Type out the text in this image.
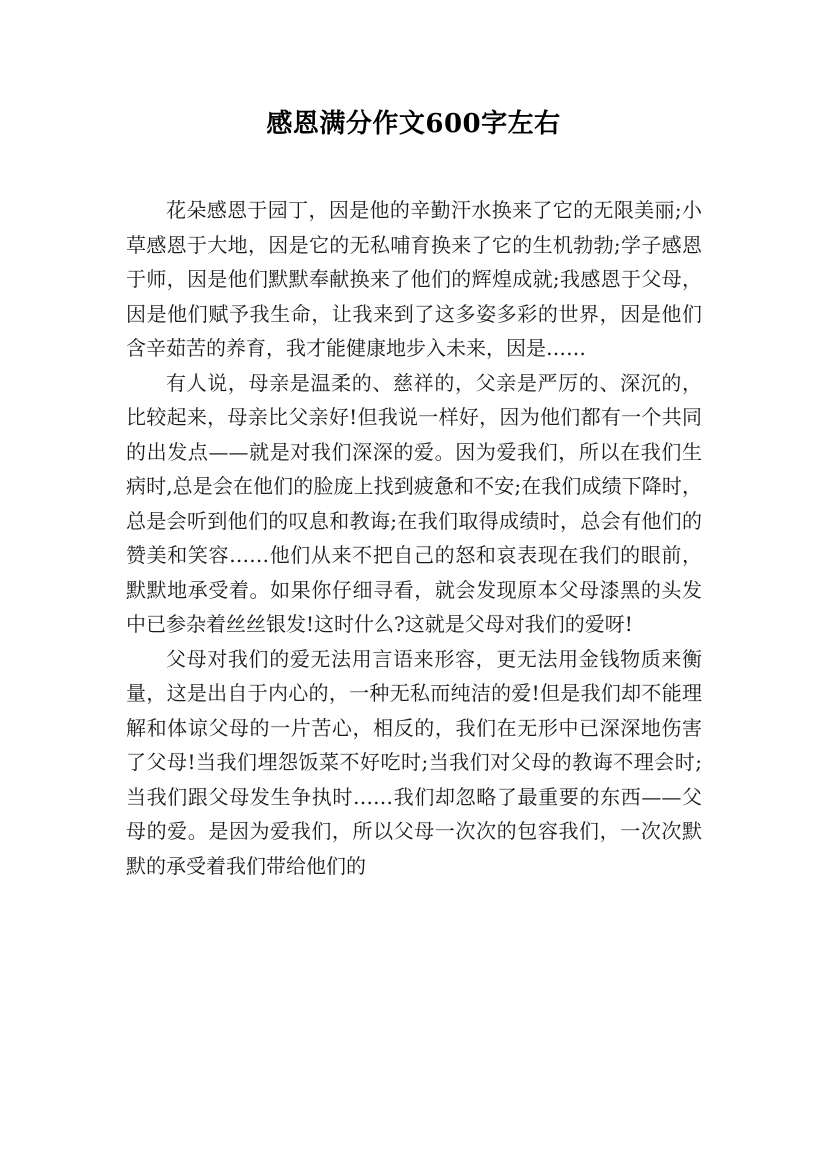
感恩满分作文600字左右

花朵感恩于园丁，因是他的辛勤汗水换来了它的无限美丽;小草感恩于大地，因是它的无私哺育换来了它的生机勃勃;学子感恩于师，因是他们默默奉献换来了他们的辉煌成就;我感恩于父母，因是他们赋予我生命，让我来到了这多姿多彩的世界，因是他们含辛茹苦的养育，我才能健康地步入未来，因是……

有人说，母亲是温柔的、慈祥的，父亲是严厉的、深沉的，比较起来，母亲比父亲好!但我说一样好，因为他们都有一个共同的出发点——就是对我们深深的爱。因为爱我们，所以在我们生病时,总是会在他们的脸庞上找到疲惫和不安;在我们成绩下降时，总是会听到他们的叹息和教诲;在我们取得成绩时，总会有他们的赞美和笑容……他们从来不把自己的怒和哀表现在我们的眼前，默默地承受着。如果你仔细寻看，就会发现原本父母漆黑的头发中已参杂着丝丝银发!这时什么?这就是父母对我们的爱呀!

父母对我们的爱无法用言语来形容，更无法用金钱物质来衡量，这是出自于内心的，一种无私而纯洁的爱!但是我们却不能理解和体谅父母的一片苦心，相反的，我们在无形中已深深地伤害了父母!当我们埋怨饭菜不好吃时;当我们对父母的教诲不理会时;当我们跟父母发生争执时……我们却忽略了最重要的东西——父母的爱。是因为爱我们，所以父母一次次的包容我们，一次次默默的承受着我们带给他们的
